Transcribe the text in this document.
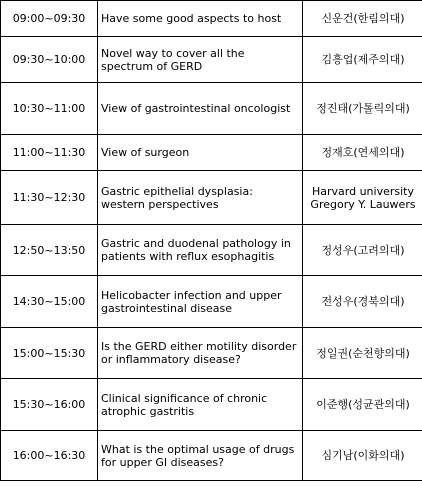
09:00~09:30	Have some good aspects to host	신운건(한림의대)
09:30~10:00	Novel way to cover all the spectrum of GERD	김흥업(제주의대)
10:30~11:00	View of gastrointestinal oncologist	정진태(가톨릭의대)
11:00~11:30	View of surgeon	정재호(연세의대)
11:30~12:30	Gastric epithelial dysplasia: western perspectives	Harvard university Gregory Y. Lauwers
12:50~13:50	Gastric and duodenal pathology in patients with reflux esophagitis	정성우(고려의대)
14:30~15:00	Helicobacter infection and upper gastrointestinal disease	전성우(경북의대)
15:00~15:30	Is the GERD either motility disorder or inflammatory disease?	정일권(순천향의대)
15:30~16:00	Clinical significance of chronic atrophic gastritis	이준행(성균관의대)
16:00~16:30	What is the optimal usage of drugs for upper GI diseases?	심기남(이화의대)
